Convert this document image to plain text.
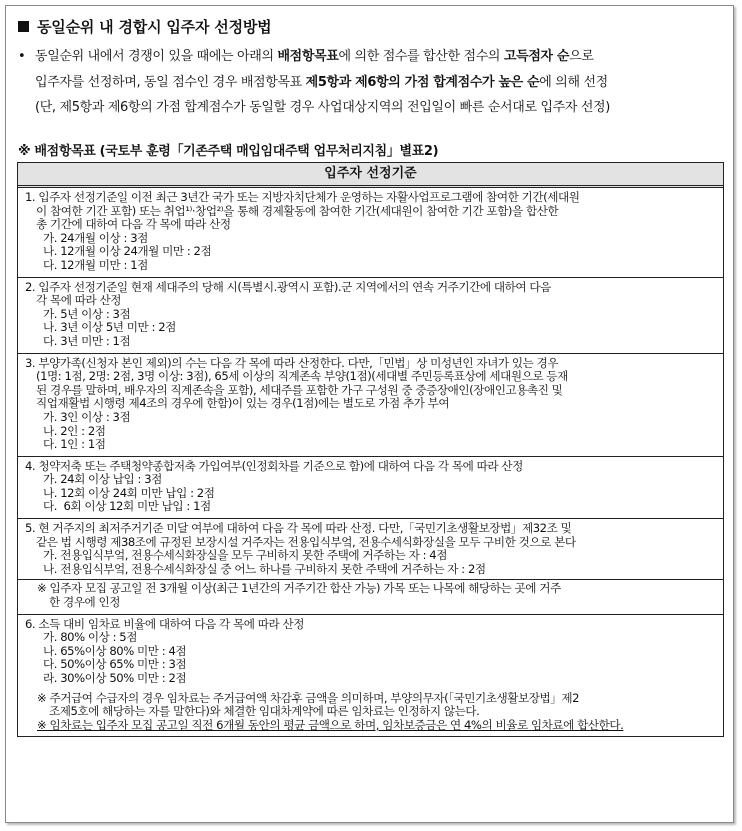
동일순위 내 경합시 입주자 선정방법
• 동일순위 내에서 경쟁이 있을 때에는 아래의 배점항목표에 의한 점수를 합산한 점수의 고득점자 순으로
입주자를 선정하며, 동일 점수인 경우 배점항목표 제5항과 제6항의 가점 합계점수가 높은 순에 의해 선정
(단, 제5항과 제6항의 가점 합계점수가 동일할 경우 사업대상지역의 전입일이 빠른 순서대로 입주자 선정)
※ 배점항목표 (국토부 훈령「기존주택 매입임대주택 업무처리지침」별표2)
입주자 선정기준
1. 입주자 선정기준일 이전 최근 3년간 국가 또는 지방자치단체가 운영하는 자활사업프로그램에 참여한 기간(세대원
이 참여한 기간 포함) 또는 취업¹⁾·창업²⁾을 통해 경제활동에 참여한 기간(세대원이 참여한 기간 포함)을 합산한
총 기간에 대하여 다음 각 목에 따라 산정
가. 24개월 이상 : 3점
나. 12개월 이상 24개월 미만 : 2점
다. 12개월 미만 : 1점
2. 입주자 선정기준일 현재 세대주의 당해 시(특별시.광역시 포함).군 지역에서의 연속 거주기간에 대하여 다음
각 목에 따라 산정
가. 5년 이상 : 3점
나. 3년 이상 5년 미만 : 2점
다. 3년 미만 : 1점
3. 부양가족(신청자 본인 제외)의 수는 다음 각 목에 따라 산정한다. 다만,「민법」상 미성년인 자녀가 있는 경우
(1명: 1점, 2명: 2점, 3명 이상: 3점), 65세 이상의 직계존속 부양(1점)(세대별 주민등록표상에 세대원으로 등재
된 경우를 말하며, 배우자의 직계존속을 포함), 세대주를 포함한 가구 구성원 중 중증장애인(장애인고용촉진 및
직업재활법 시행령 제4조의 경우에 한함)이 있는 경우(1점)에는 별도로 가점 추가 부여
가. 3인 이상 : 3점
나. 2인 : 2점
다. 1인 : 1점
4. 청약저축 또는 주택청약종합저축 가입여부(인정회차를 기준으로 함)에 대하여 다음 각 목에 따라 산정
가. 24회 이상 납입 : 3점
나. 12회 이상 24회 미만 납입 : 2점
다.  6회 이상 12회 미만 납입 : 1점
5. 현 거주지의 최저주거기준 미달 여부에 대하여 다음 각 목에 따라 산정. 다만,「국민기초생활보장법」제32조 및
같은 법 시행령 제38조에 규정된 보장시설 거주자는 전용입식부엌, 전용수세식화장실을 모두 구비한 것으로 본다
가. 전용입식부엌, 전용수세식화장실을 모두 구비하지 못한 주택에 거주하는 자 : 4점
나. 전용입식부엌, 전용수세식화장실 중 어느 하나를 구비하지 못한 주택에 거주하는 자 : 2점
※ 입주자 모집 공고일 전 3개월 이상(최근 1년간의 거주기간 합산 가능) 가목 또는 나목에 해당하는 곳에 거주
한 경우에 인정
6. 소득 대비 임차료 비율에 대하여 다음 각 목에 따라 산정
가. 80% 이상 : 5점
나. 65%이상 80% 미만 : 4점
다. 50%이상 65% 미만 : 3점
라. 30%이상 50% 미만 : 2점
※ 주거급여 수급자의 경우 임차료는 주거급여액 차감후 금액을 의미하며, 부양의무자(「국민기초생활보장법」제2
조제5호에 해당하는 자를 말한다)와 체결한 임대차계약에 따른 임차료는 인정하지 않는다.
※ 임차료는 입주자 모집 공고일 직전 6개월 동안의 평균 금액으로 하며, 임차보증금은 연 4%의 비율로 임차료에 합산한다.
